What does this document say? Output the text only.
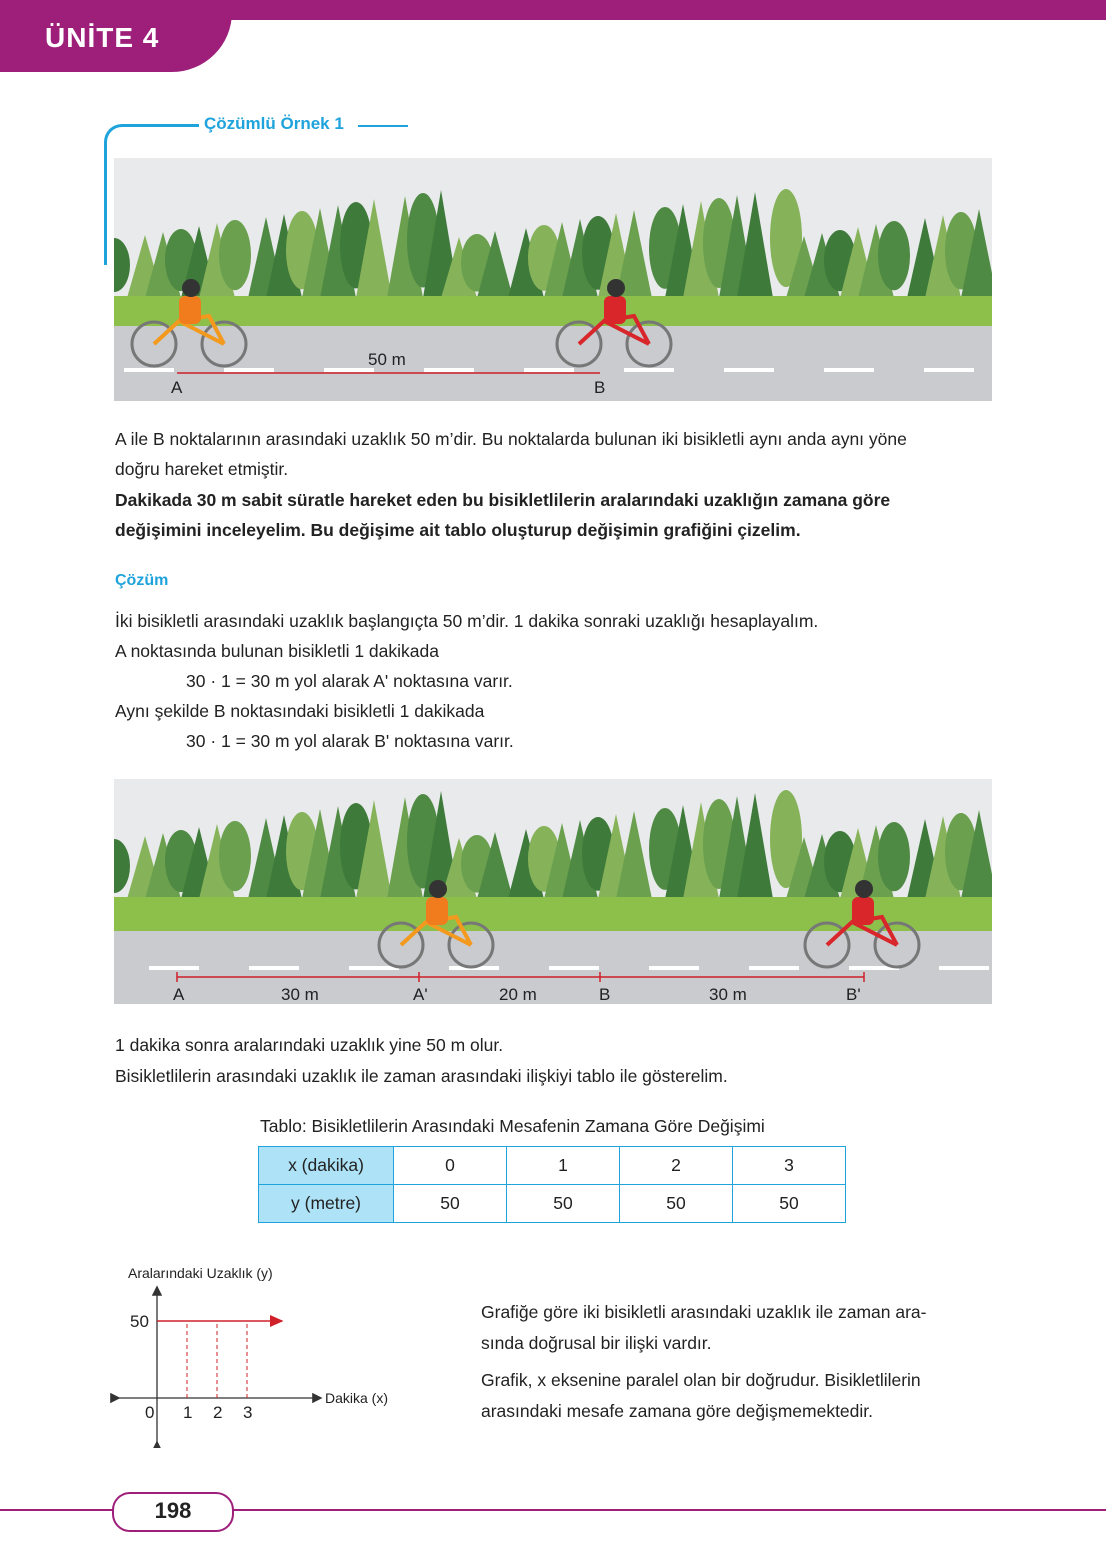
ÜNİTE 4
Çözümlü Örnek 1
50 m
A	B

A ile B noktalarının arasındaki uzaklık 50 m’dir. Bu noktalarda bulunan iki bisikletli aynı anda aynı yöne

doğru hareket etmiştir.

Dakikada 30 m sabit süratle hareket eden bu bisikletlilerin aralarındaki uzaklığın zamana göre

değişimini inceleyelim. Bu değişime ait tablo oluşturup değişimin grafiğini çizelim.

Çözüm

İki bisikletli arasındaki uzaklık başlangıçta 50 m’dir. 1 dakika sonraki uzaklığı hesaplayalım.

A noktasında bulunan bisikletli 1 dakikada

30 · 1 = 30 m yol alarak A' noktasına varır.

Aynı şekilde B noktasındaki bisikletli 1 dakikada

30 · 1 = 30 m yol alarak B' noktasına varır.

A	30 m	A'	20 m	B	30 m	B'

1 dakika sonra aralarındaki uzaklık yine 50 m olur.

Bisikletlilerin arasındaki uzaklık ile zaman arasındaki ilişkiyi tablo ile gösterelim.

Tablo: Bisikletlilerin Arasındaki Mesafenin Zamana Göre Değişimi
x (dakika)	0	1	2	3
y (metre)	50	50	50	50
Aralarındaki Uzaklık (y)
Dakika (x)
0 1 2 3
50	Grafiğe göre iki bisikletli arasındaki uzaklık ile zaman ara-

sında doğrusal bir ilişki vardır.

Grafik, x eksenine paralel olan bir doğrudur. Bisikletlilerin

arasındaki mesafe zamana göre değişmemektedir.

198
